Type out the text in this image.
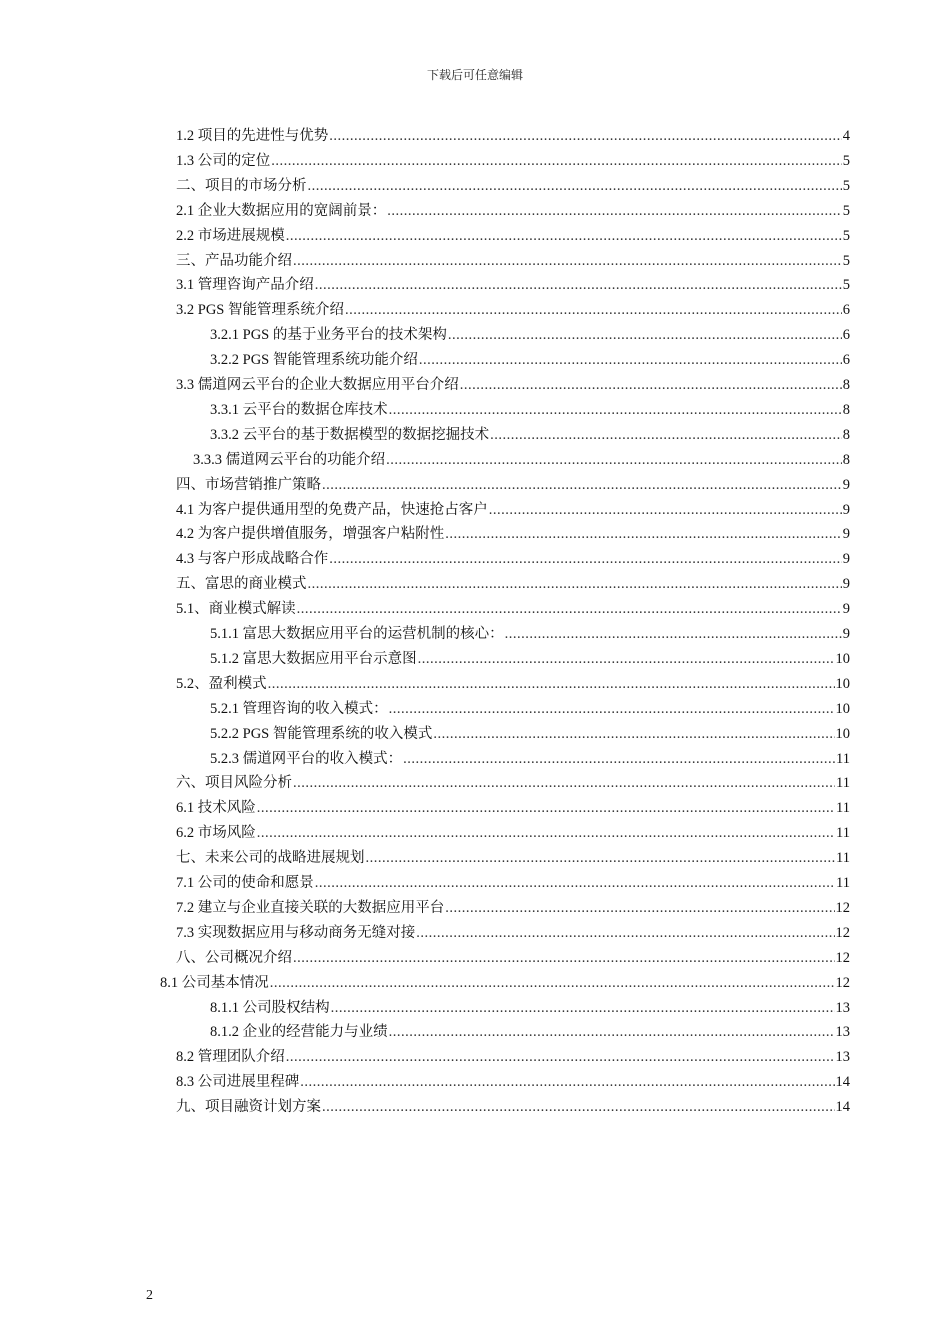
下载后可任意编辑
1.2 项目的先进性与优势 .....	4
1.3 公司的定位 .....	5
二、项目的市场分析 .....	5
2.1 企业大数据应用的宽阔前景： .....	5
2.2 市场进展规模 .....	5
三、产品功能介绍 .....	5
3.1 管理咨询产品介绍 .....	5
3.2 PGS 智能管理系统介绍 .....	6
3.2.1 PGS 的基于业务平台的技术架构 .....	6
3.2.2 PGS 智能管理系统功能介绍 .....	6
3.3 儒道网云平台的企业大数据应用平台介绍 .....	8
3.3.1 云平台的数据仓库技术 .....	8
3.3.2 云平台的基于数据模型的数据挖掘技术 .....	8
3.3.3 儒道网云平台的功能介绍 .....	8
四、市场营销推广策略 .....	9
4.1 为客户提供通用型的免费产品，快速抢占客户 .....	9
4.2 为客户提供增值服务，增强客户粘附性 .....	9
4.3 与客户形成战略合作 .....	9
五、富思的商业模式 .....	9
5.1、商业模式解读 .....	9
5.1.1 富思大数据应用平台的运营机制的核心： .....	9
5.1.2 富思大数据应用平台示意图 .....	10
5.2、盈利模式 .....	10
5.2.1 管理咨询的收入模式： .....	10
5.2.2 PGS 智能管理系统的收入模式 .....	10
5.2.3 儒道网平台的收入模式： .....	11
六、项目风险分析 .....	11
6.1 技术风险 .....	11
6.2 市场风险 .....	11
七、未来公司的战略进展规划 .....	11
7.1 公司的使命和愿景 .....	11
7.2 建立与企业直接关联的大数据应用平台 .....	12
7.3 实现数据应用与移动商务无缝对接 .....	12
八、公司概况介绍 .....	12
8.1 公司基本情况 .....	12
8.1.1 公司股权结构 .....	13
8.1.2 企业的经营能力与业绩 .....	13
8.2 管理团队介绍 .....	13
8.3 公司进展里程碑 .....	14
九、项目融资计划方案 .....	14
2
